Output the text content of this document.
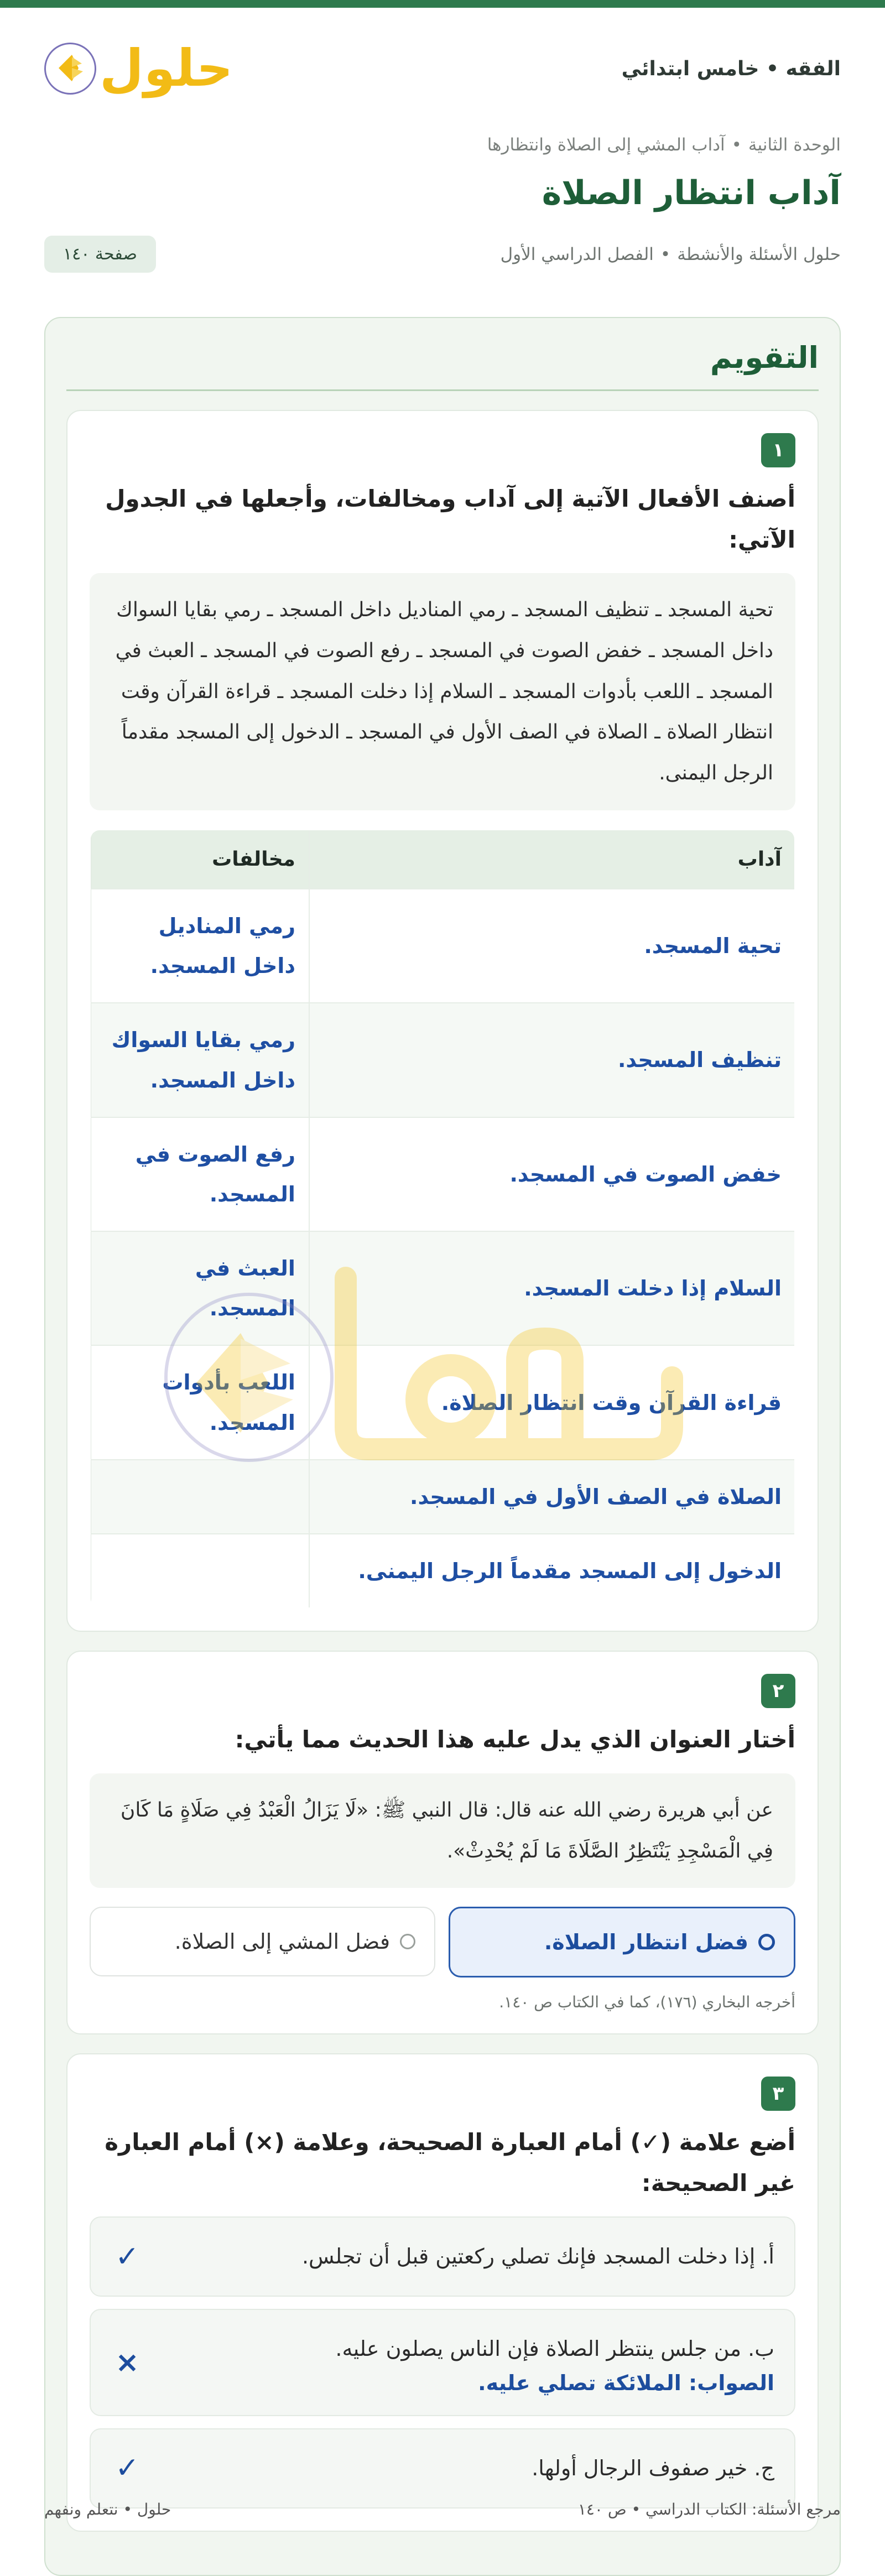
الفقه • خامس ابتدائي
حلول
الوحدة الثانية•آداب المشي إلى الصلاة وانتظارها
آداب انتظار الصلاة
حلول الأسئلة والأنشطة•الفصل الدراسي الأول
صفحة ١٤٠
التقويم
١
أصنف الأفعال الآتية إلى آداب ومخالفات، وأجعلها في الجدول الآتي:
تحية المسجد ـ تنظيف المسجد ـ رمي المناديل داخل المسجد ـ رمي بقايا السواك داخل المسجد ـ خفض الصوت في المسجد ـ رفع الصوت في المسجد ـ العبث في المسجد ـ اللعب بأدوات المسجد ـ السلام إذا دخلت المسجد ـ قراءة القرآن وقت انتظار الصلاة ـ الصلاة في الصف الأول في المسجد ـ الدخول إلى المسجد مقدماً الرجل اليمنى.
آداب	مخالفات
تحية المسجد.	رمي المناديل داخل المسجد.
تنظيف المسجد.	رمي بقايا السواك داخل المسجد.
خفض الصوت في المسجد.	رفع الصوت في المسجد.
السلام إذا دخلت المسجد.	العبث في المسجد.
قراءة القرآن وقت انتظار الصلاة.	اللعب بأدوات المسجد.
الصلاة في الصف الأول في المسجد.	
الدخول إلى المسجد مقدماً الرجل اليمنى.	
٢
أختار العنوان الذي يدل عليه هذا الحديث مما يأتي:
عن أبي هريرة رضي الله عنه قال: قال النبي ﷺ: «لَا يَزَالُ الْعَبْدُ فِي صَلَاةٍ مَا كَانَ فِي الْمَسْجِدِ يَنْتَظِرُ الصَّلَاةَ مَا لَمْ يُحْدِثْ».
فضل انتظار الصلاة.
فضل المشي إلى الصلاة.
أخرجه البخاري (١٧٦)، كما في الكتاب ص ١٤٠.
٣
أضع علامة (✓) أمام العبارة الصحيحة، وعلامة (×) أمام العبارة غير الصحيحة:
أ. إذا دخلت المسجد فإنك تصلي ركعتين قبل أن تجلس.
✓
ب. من جلس ينتظر الصلاة فإن الناس يصلون عليه.
الصواب: الملائكة تصلي عليه.
×
ج. خير صفوف الرجال أولها.
✓
مرجع الأسئلة: الكتاب الدراسي • ص ١٤٠
حلول • نتعلم ونفهم
